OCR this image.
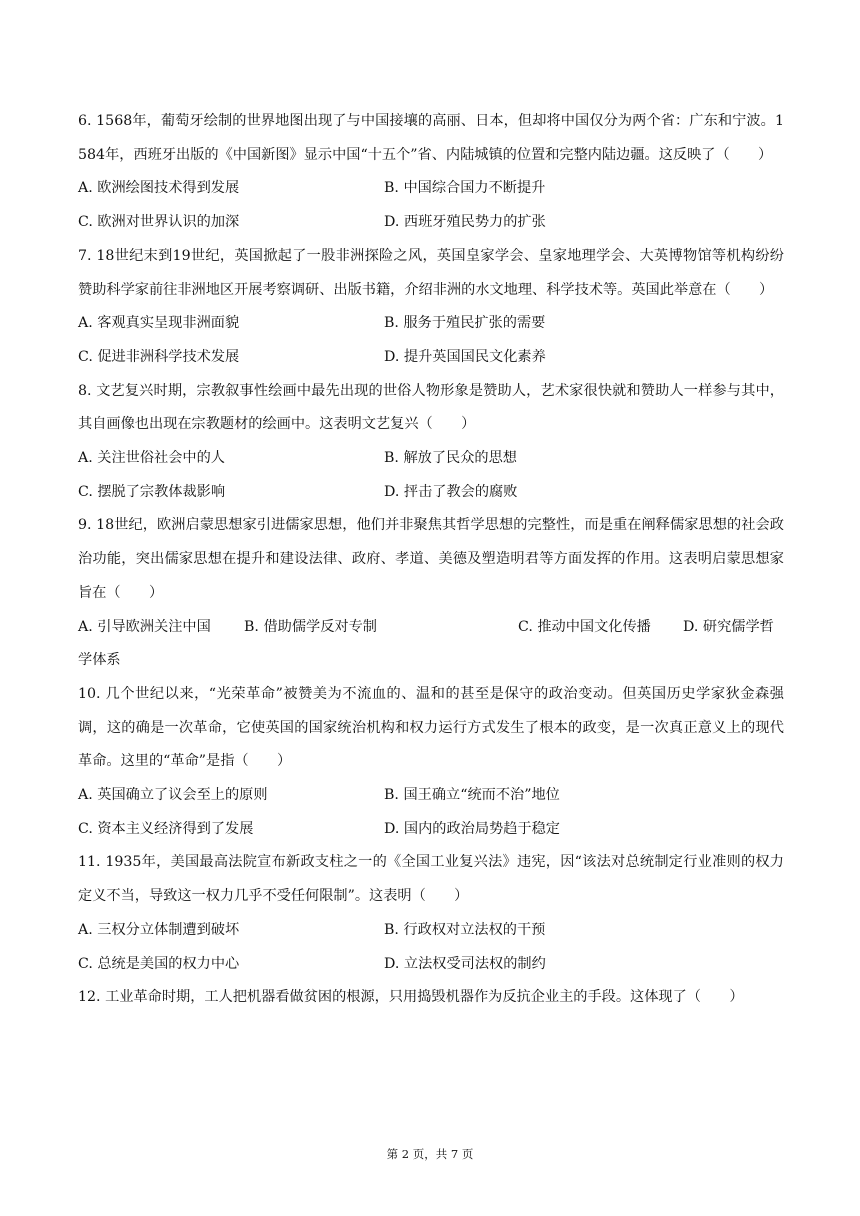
6. 1568年，葡萄牙绘制的世界地图出现了与中国接壤的高丽、日本，但却将中国仅分为两个省：广东和宁波。1584年，西班牙出版的《中国新图》显示中国“十五个”省、内陆城镇的位置和完整内陆边疆。这反映了（　　）
A. 欧洲绘图技术得到发展	B. 中国综合国力不断提升
C. 欧洲对世界认识的加深	D. 西班牙殖民势力的扩张
7. 18世纪末到19世纪，英国掀起了一股非洲探险之风，英国皇家学会、皇家地理学会、大英博物馆等机构纷纷赞助科学家前往非洲地区开展考察调研、出版书籍，介绍非洲的水文地理、科学技术等。英国此举意在（　　）
A. 客观真实呈现非洲面貌	B. 服务于殖民扩张的需要
C. 促进非洲科学技术发展	D. 提升英国国民文化素养
8. 文艺复兴时期，宗教叙事性绘画中最先出现的世俗人物形象是赞助人，艺术家很快就和赞助人一样参与其中，其自画像也出现在宗教题材的绘画中。这表明文艺复兴（　　）
A. 关注世俗社会中的人	B. 解放了民众的思想
C. 摆脱了宗教体裁影响	D. 抨击了教会的腐败
9. 18世纪，欧洲启蒙思想家引进儒家思想，他们并非聚焦其哲学思想的完整性，而是重在阐释儒家思想的社会政治功能，突出儒家思想在提升和建设法律、政府、孝道、美德及塑造明君等方面发挥的作用。这表明启蒙思想家旨在（　　）
A. 引导欧洲关注中国 B. 借助儒学反对专制	C. 推动中国文化传播 D. 研究儒学哲
学体系
10. 几个世纪以来，“光荣革命”被赞美为不流血的、温和的甚至是保守的政治变动。但英国历史学家狄金森强调，这的确是一次革命，它使英国的国家统治机构和权力运行方式发生了根本的政变，是一次真正意义上的现代革命。这里的“革命”是指（　　）
A. 英国确立了议会至上的原则	B. 国王确立“统而不治”地位
C. 资本主义经济得到了发展	D. 国内的政治局势趋于稳定
11. 1935年，美国最高法院宣布新政支柱之一的《全国工业复兴法》违宪，因“该法对总统制定行业准则的权力定义不当，导致这一权力几乎不受任何限制”。这表明（　　）
A. 三权分立体制遭到破坏	B. 行政权对立法权的干预
C. 总统是美国的权力中心	D. 立法权受司法权的制约
12. 工业革命时期，工人把机器看做贫困的根源，只用捣毁机器作为反抗企业主的手段。这体现了（　　）
第 2 页，共 7 页
